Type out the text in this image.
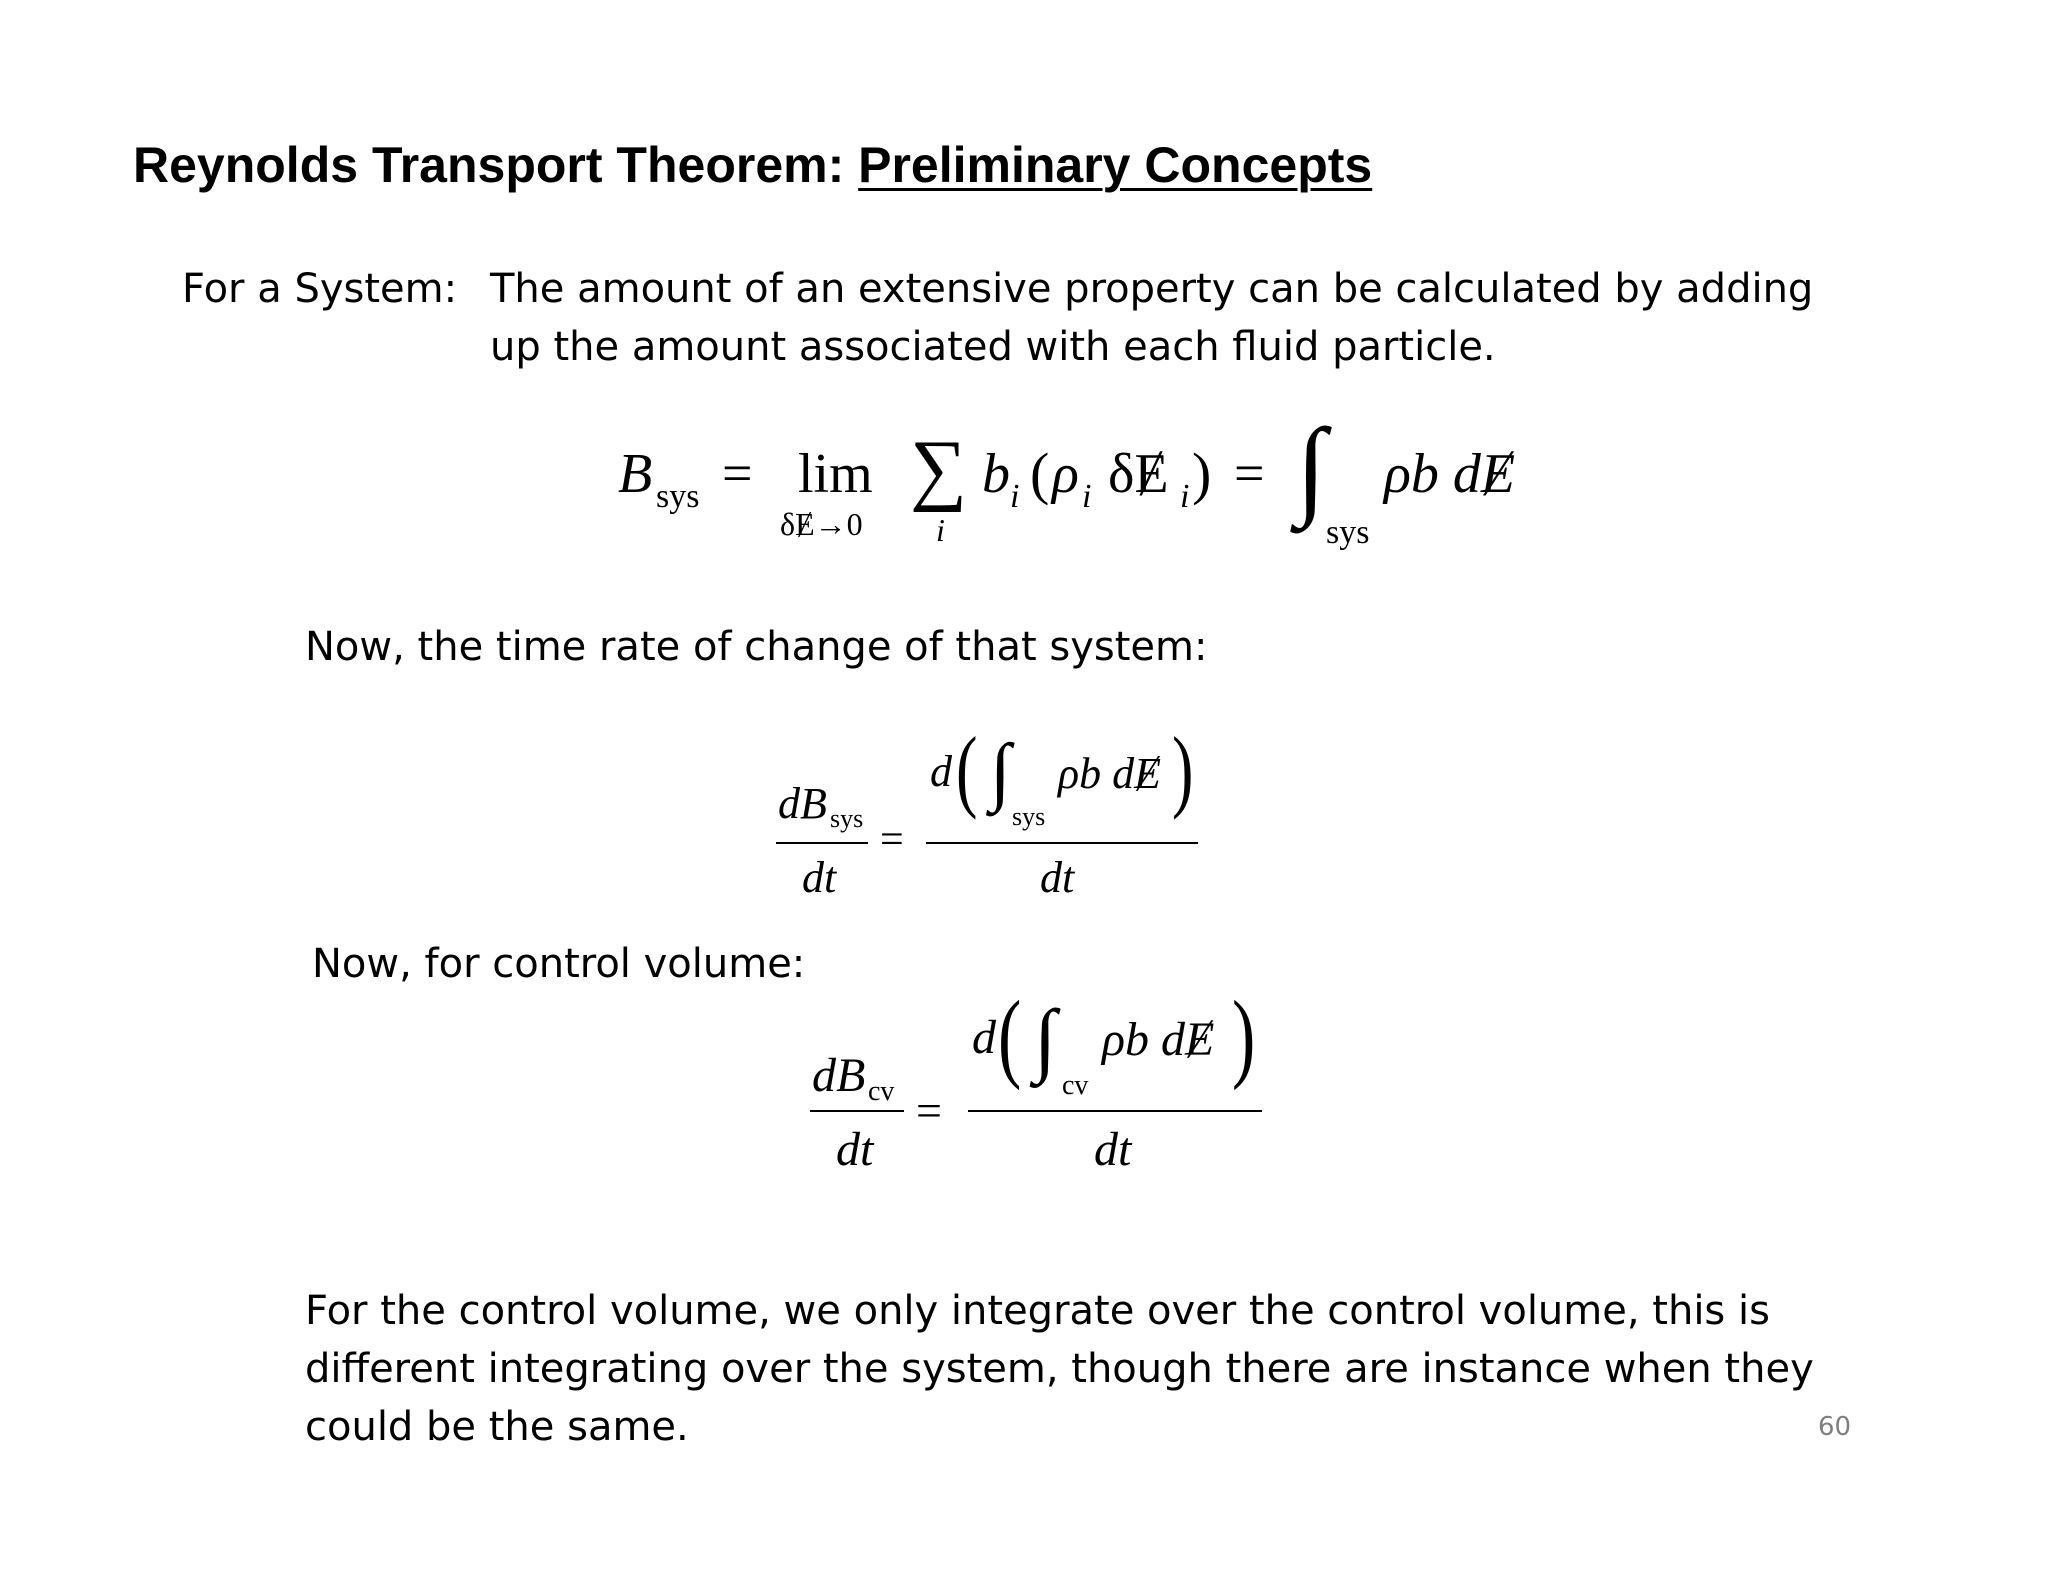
Reynolds Transport Theorem: Preliminary Concepts
For a System: The amount of an extensive property can be calculated by adding
up the amount associated with each fluid particle.
B sys = lim
δɆ→0
∑
i
b i ( ρ i δɆ i ) = ∫
sys
ρb dɆ
Now, the time rate of change of that system:
dB sys
dt
=
d ( ∫
sys
ρb dɆ )
dt
Now, for control volume:
dB cv
dt
=
d ( ∫
cv
ρb dɆ )
dt
For the control volume, we only integrate over the control volume, this is
different integrating over the system, though there are instance when they
could be the same.	60
